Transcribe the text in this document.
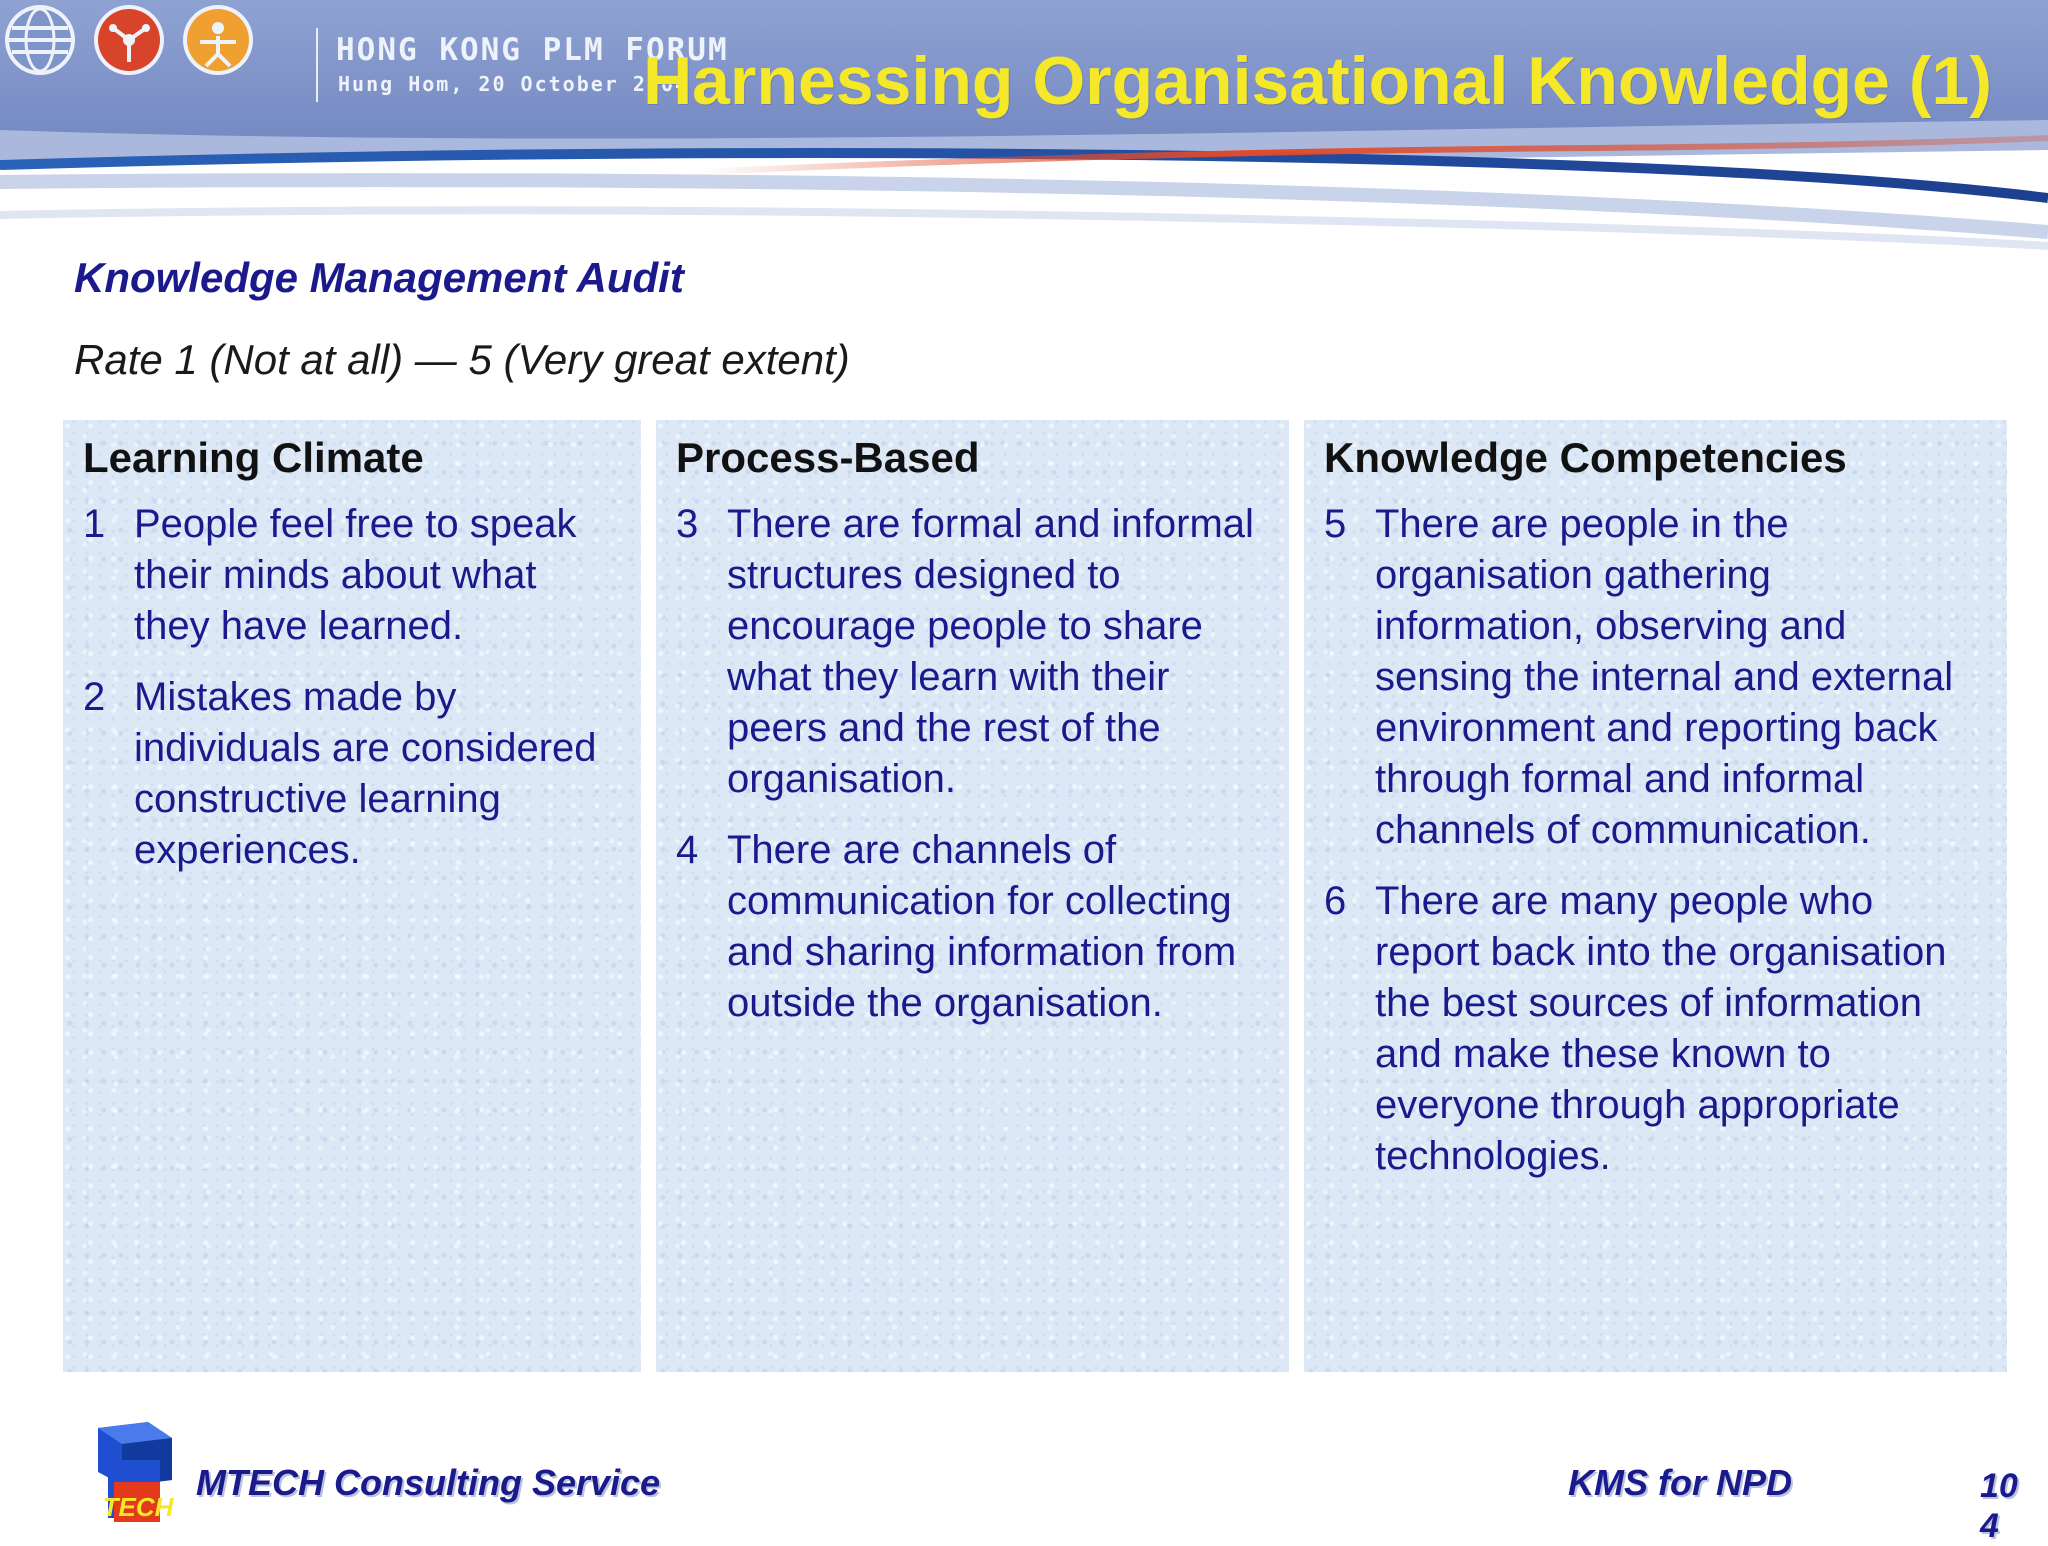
HONG KONG PLM FORUM
Hung Hom, 20 October 2004
Harnessing Organisational Knowledge (1)
Knowledge Management Audit
Rate 1 (Not at all) — 5 (Very great extent)
Learning Climate
1 People feel free to speak their minds about what they have learned.
2 Mistakes made by individuals are considered constructive learning experiences.
Process-Based
3 There are formal and informal structures designed to encourage people to share what they learn with their peers and the rest of the organisation.
4 There are channels of communication for collecting and sharing information from outside the organisation.
Knowledge Competencies
5 There are people in the organisation gathering information, observing and sensing the internal and external environment and reporting back through formal and informal channels of communication.
6 There are many people who report back into the organisation the best sources of information and make these known to everyone through appropriate technologies.
TECH
MTECH Consulting Service	KMS for NPD	104
